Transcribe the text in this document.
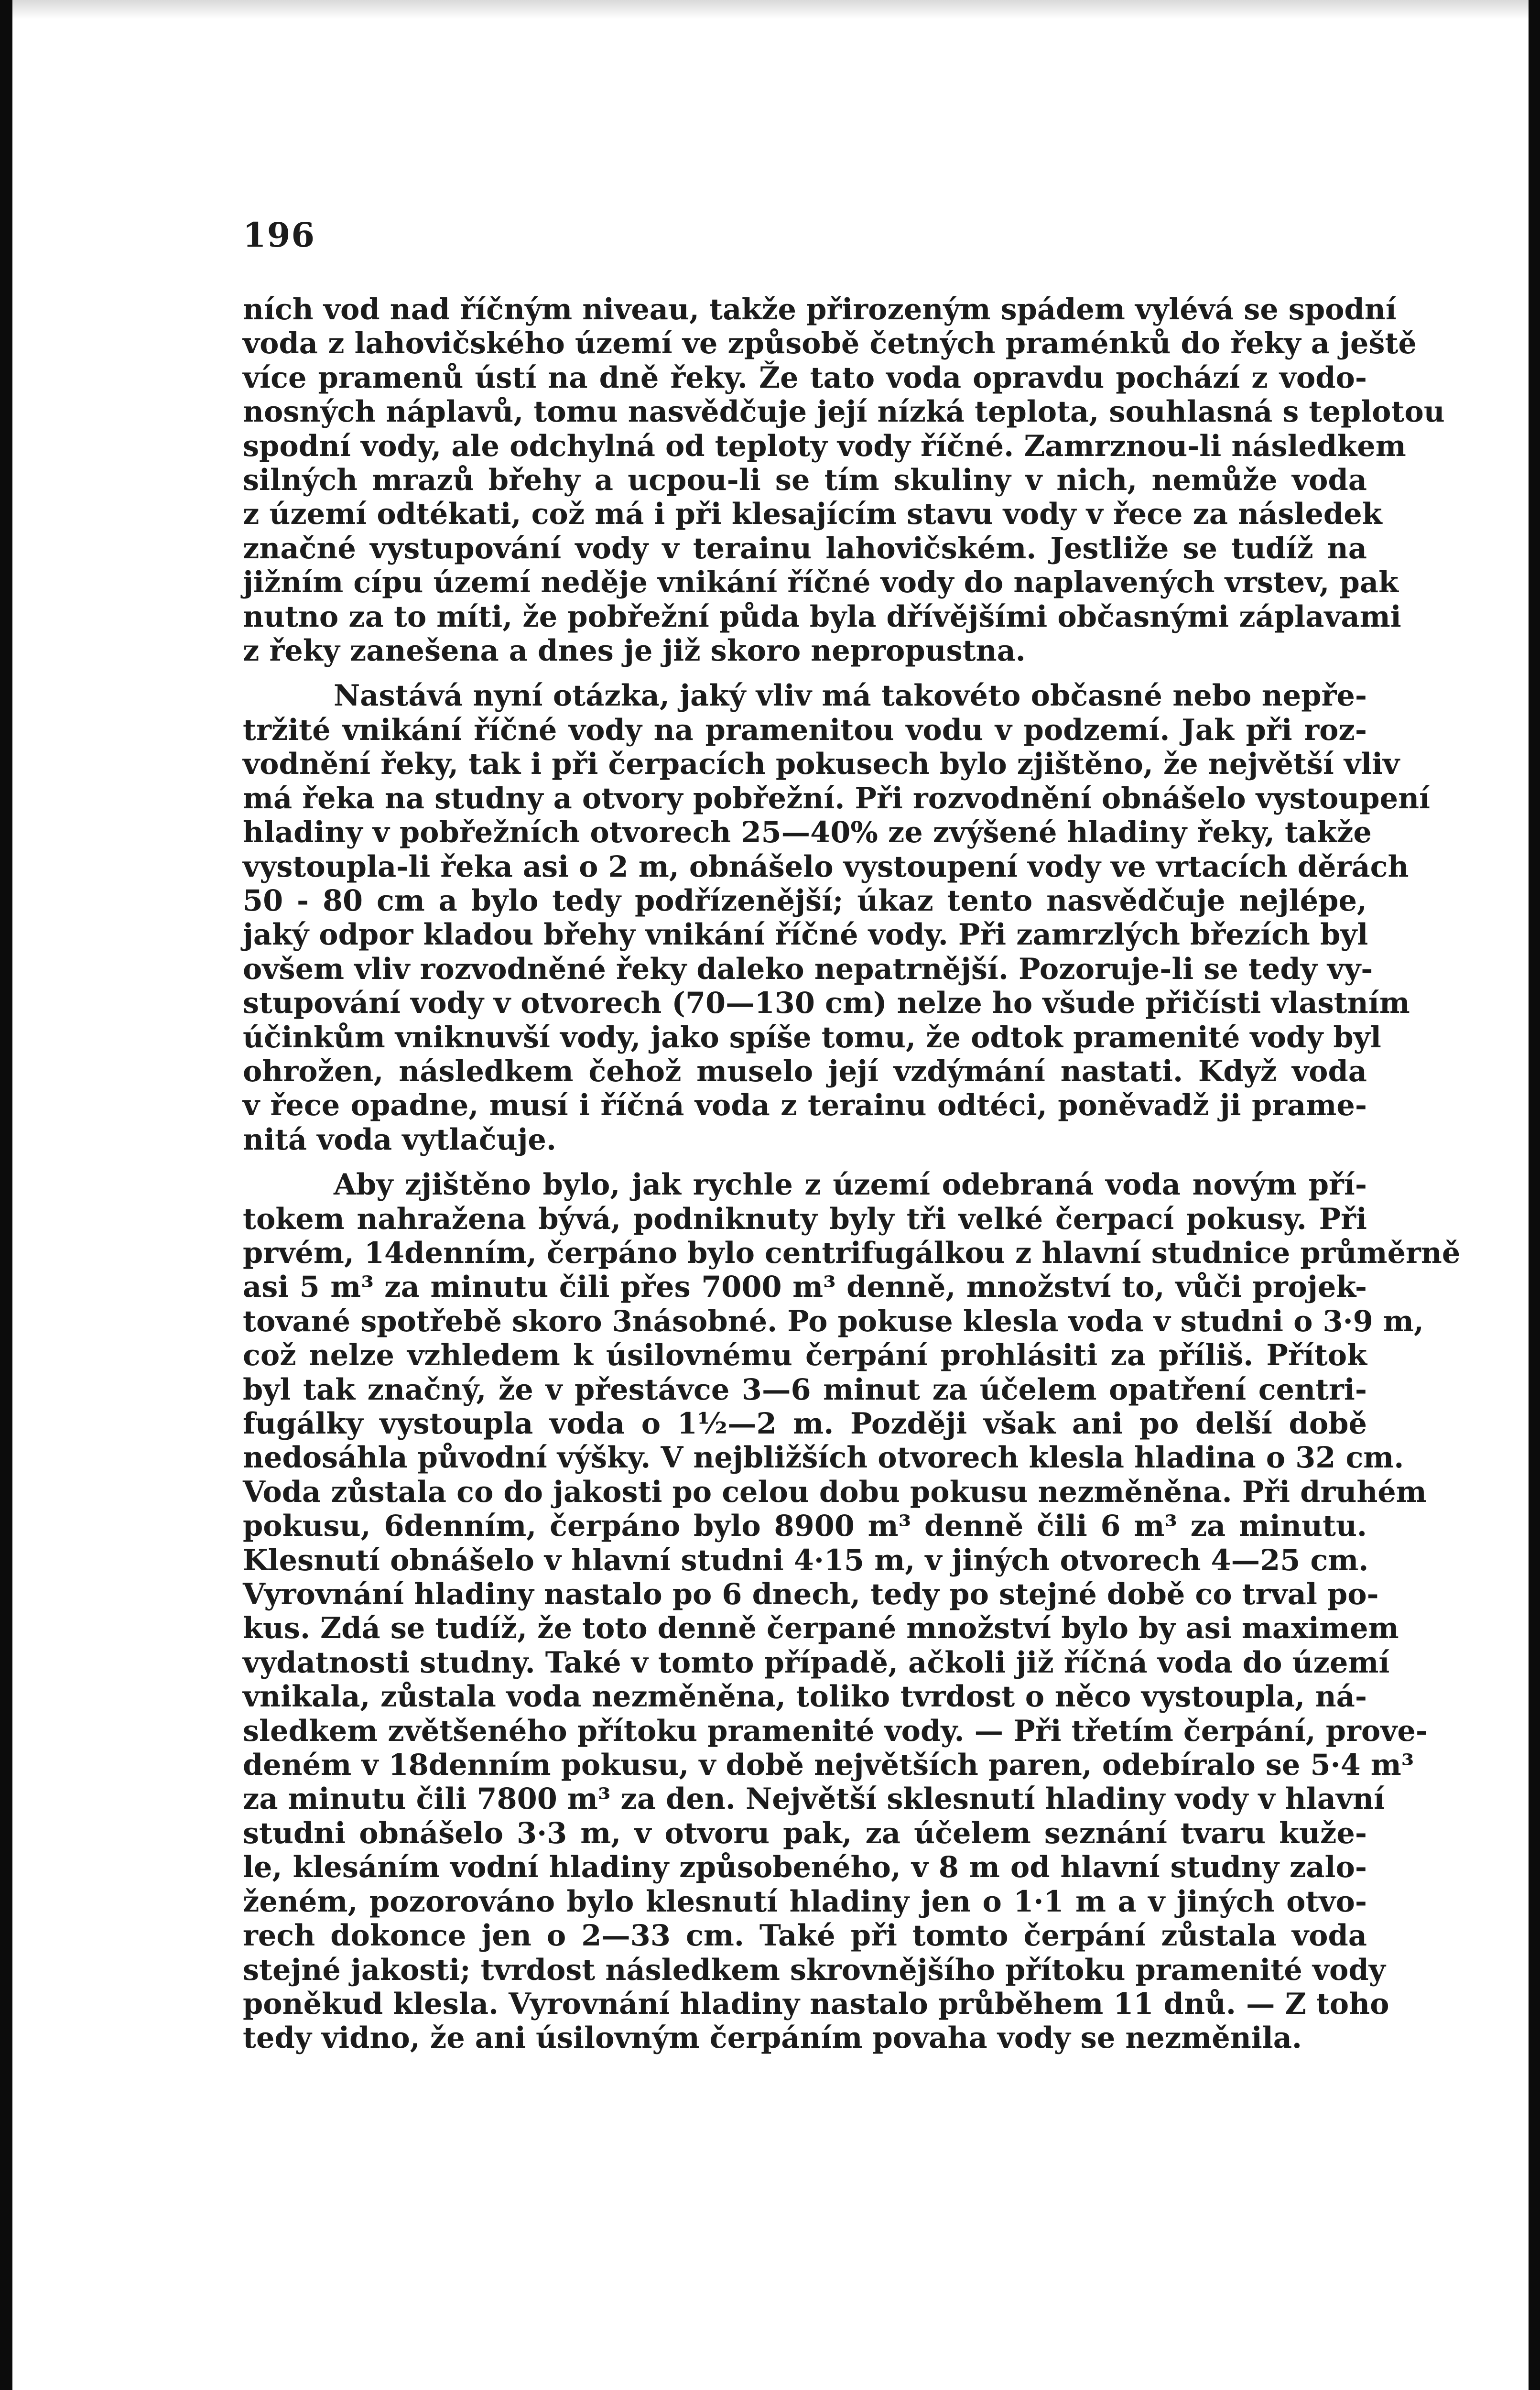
196
ních vod nad říčným niveau, takže přirozeným spádem vylévá se spodní
voda z lahovičského území ve způsobě četných praménků do řeky a ještě
více pramenů ústí na dně řeky. Že tato voda opravdu pochází z vodo-
nosných náplavů, tomu nasvědčuje její nízká teplota, souhlasná s teplotou
spodní vody, ale odchylná od teploty vody říčné. Zamrznou-li následkem
silných mrazů břehy a ucpou-li se tím skuliny v nich, nemůže voda
z území odtékati, což má i při klesajícím stavu vody v řece za následek
značné vystupování vody v terainu lahovičském. Jestliže se tudíž na
jižním cípu území neděje vnikání říčné vody do naplavených vrstev, pak
nutno za to míti, že pobřežní půda byla dřívějšími občasnými záplavami
z řeky zanešena a dnes je již skoro nepropustna.
Nastává nyní otázka, jaký vliv má takovéto občasné nebo nepře-
tržité vnikání říčné vody na pramenitou vodu v podzemí. Jak při roz-
vodnění řeky, tak i při čerpacích pokusech bylo zjištěno, že největší vliv
má řeka na studny a otvory pobřežní. Při rozvodnění obnášelo vystoupení
hladiny v pobřežních otvorech 25—40% ze zvýšené hladiny řeky, takže
vystoupla-li řeka asi o 2 m, obnášelo vystoupení vody ve vrtacích děrách
50 - 80 cm a bylo tedy podřízenější; úkaz tento nasvědčuje nejlépe,
jaký odpor kladou břehy vnikání říčné vody. Při zamrzlých březích byl
ovšem vliv rozvodněné řeky daleko nepatrnější. Pozoruje-li se tedy vy-
stupování vody v otvorech (70—130 cm) nelze ho všude přičísti vlastním
účinkům vniknuvší vody, jako spíše tomu, že odtok pramenité vody byl
ohrožen, následkem čehož muselo její vzdýmání nastati. Když voda
v řece opadne, musí i říčná voda z terainu odtéci, poněvadž ji prame-
nitá voda vytlačuje.
Aby zjištěno bylo, jak rychle z území odebraná voda novým pří-
tokem nahražena bývá, podniknuty byly tři velké čerpací pokusy. Při
prvém, 14denním, čerpáno bylo centrifugálkou z hlavní studnice průměrně
asi 5 m³ za minutu čili přes 7000 m³ denně, množství to, vůči projek-
tované spotřebě skoro 3násobné. Po pokuse klesla voda v studni o 3·9 m,
což nelze vzhledem k úsilovnému čerpání prohlásiti za příliš. Přítok
byl tak značný, že v přestávce 3—6 minut za účelem opatření centri-
fugálky vystoupla voda o 1½—2 m. Později však ani po delší době
nedosáhla původní výšky. V nejbližších otvorech klesla hladina o 32 cm.
Voda zůstala co do jakosti po celou dobu pokusu nezměněna. Při druhém
pokusu, 6denním, čerpáno bylo 8900 m³ denně čili 6 m³ za minutu.
Klesnutí obnášelo v hlavní studni 4·15 m, v jiných otvorech 4—25 cm.
Vyrovnání hladiny nastalo po 6 dnech, tedy po stejné době co trval po-
kus. Zdá se tudíž, že toto denně čerpané množství bylo by asi maximem
vydatnosti studny. Také v tomto případě, ačkoli již říčná voda do území
vnikala, zůstala voda nezměněna, toliko tvrdost o něco vystoupla, ná-
sledkem zvětšeného přítoku pramenité vody. — Při třetím čerpání, prove-
deném v 18denním pokusu, v době největších paren, odebíralo se 5·4 m³
za minutu čili 7800 m³ za den. Největší sklesnutí hladiny vody v hlavní
studni obnášelo 3·3 m, v otvoru pak, za účelem seznání tvaru kuže-
le, klesáním vodní hladiny způsobeného, v 8 m od hlavní studny zalo-
ženém, pozorováno bylo klesnutí hladiny jen o 1·1 m a v jiných otvo-
rech dokonce jen o 2—33 cm. Také při tomto čerpání zůstala voda
stejné jakosti; tvrdost následkem skrovnějšího přítoku pramenité vody
poněkud klesla. Vyrovnání hladiny nastalo průběhem 11 dnů. — Z toho
tedy vidno, že ani úsilovným čerpáním povaha vody se nezměnila.
